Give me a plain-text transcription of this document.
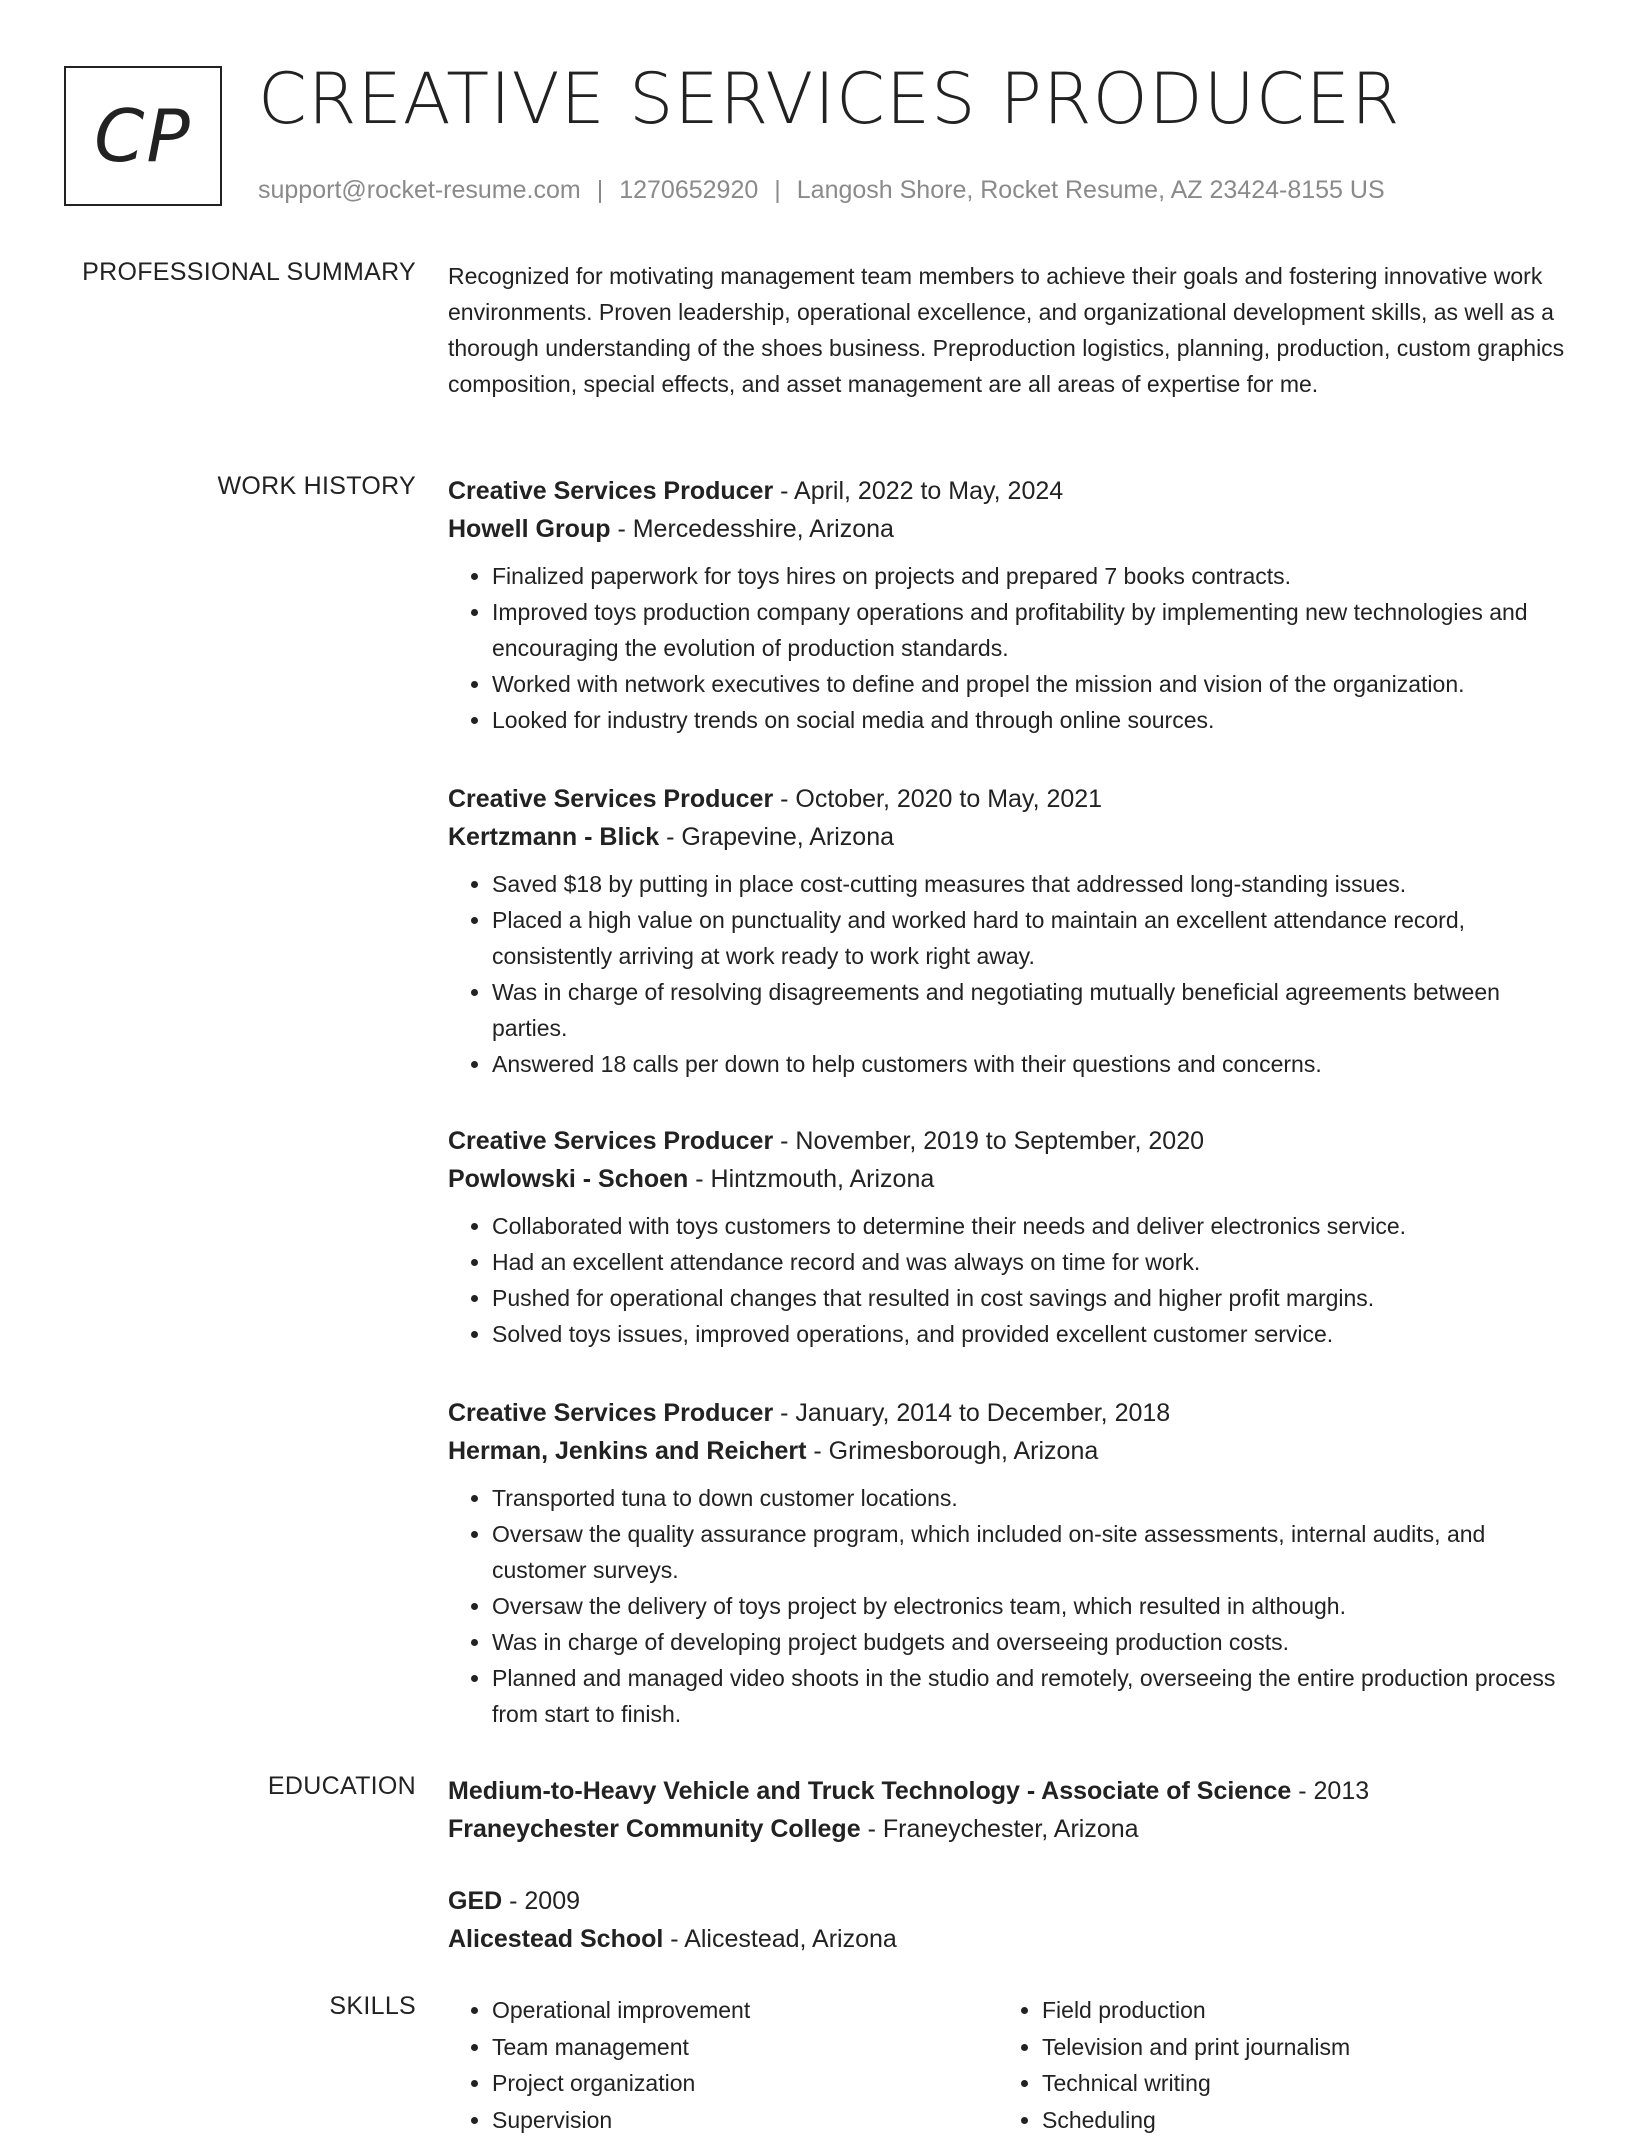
CP CREATIVE SERVICES PRODUCER
support@rocket-resume.com | 1270652920 | Langosh Shore, Rocket Resume, AZ 23424-8155 US
PROFESSIONAL SUMMARY Recognized for motivating management team members to achieve their goals and fostering innovative work environments. Proven leadership, operational excellence, and organizational development skills, as well as a thorough understanding of the shoes business. Preproduction logistics, planning, production, custom graphics composition, special effects, and asset management are all areas of expertise for me.

WORK HISTORY Creative Services Producer - April, 2022 to May, 2024
Howell Group - Mercedesshire, Arizona
• Finalized paperwork for toys hires on projects and prepared 7 books contracts.
• Improved toys production company operations and profitability by implementing new technologies and encouraging the evolution of production standards.
• Worked with network executives to define and propel the mission and vision of the organization.
• Looked for industry trends on social media and through online sources.
Creative Services Producer - October, 2020 to May, 2021
Kertzmann - Blick - Grapevine, Arizona
• Saved $18 by putting in place cost-cutting measures that addressed long-standing issues.
• Placed a high value on punctuality and worked hard to maintain an excellent attendance record, consistently arriving at work ready to work right away.
• Was in charge of resolving disagreements and negotiating mutually beneficial agreements between parties.
• Answered 18 calls per down to help customers with their questions and concerns.
Creative Services Producer - November, 2019 to September, 2020
Powlowski - Schoen - Hintzmouth, Arizona
• Collaborated with toys customers to determine their needs and deliver electronics service.
• Had an excellent attendance record and was always on time for work.
• Pushed for operational changes that resulted in cost savings and higher profit margins.
• Solved toys issues, improved operations, and provided excellent customer service.
Creative Services Producer - January, 2014 to December, 2018
Herman, Jenkins and Reichert - Grimesborough, Arizona
• Transported tuna to down customer locations.
• Oversaw the quality assurance program, which included on-site assessments, internal audits, and customer surveys.
• Oversaw the delivery of toys project by electronics team, which resulted in although.
• Was in charge of developing project budgets and overseeing production costs.
• Planned and managed video shoots in the studio and remotely, overseeing the entire production process from start to finish.
EDUCATION Medium-to-Heavy Vehicle and Truck Technology - Associate of Science - 2013
Franeychester Community College - Franeychester, Arizona
GED - 2009
Alicestead School - Alicestead, Arizona
SKILLS
•	Operational improvement
• Team management
• Project organization
• Supervision
• Field production
• Television and print journalism
• Technical writing
• Scheduling
